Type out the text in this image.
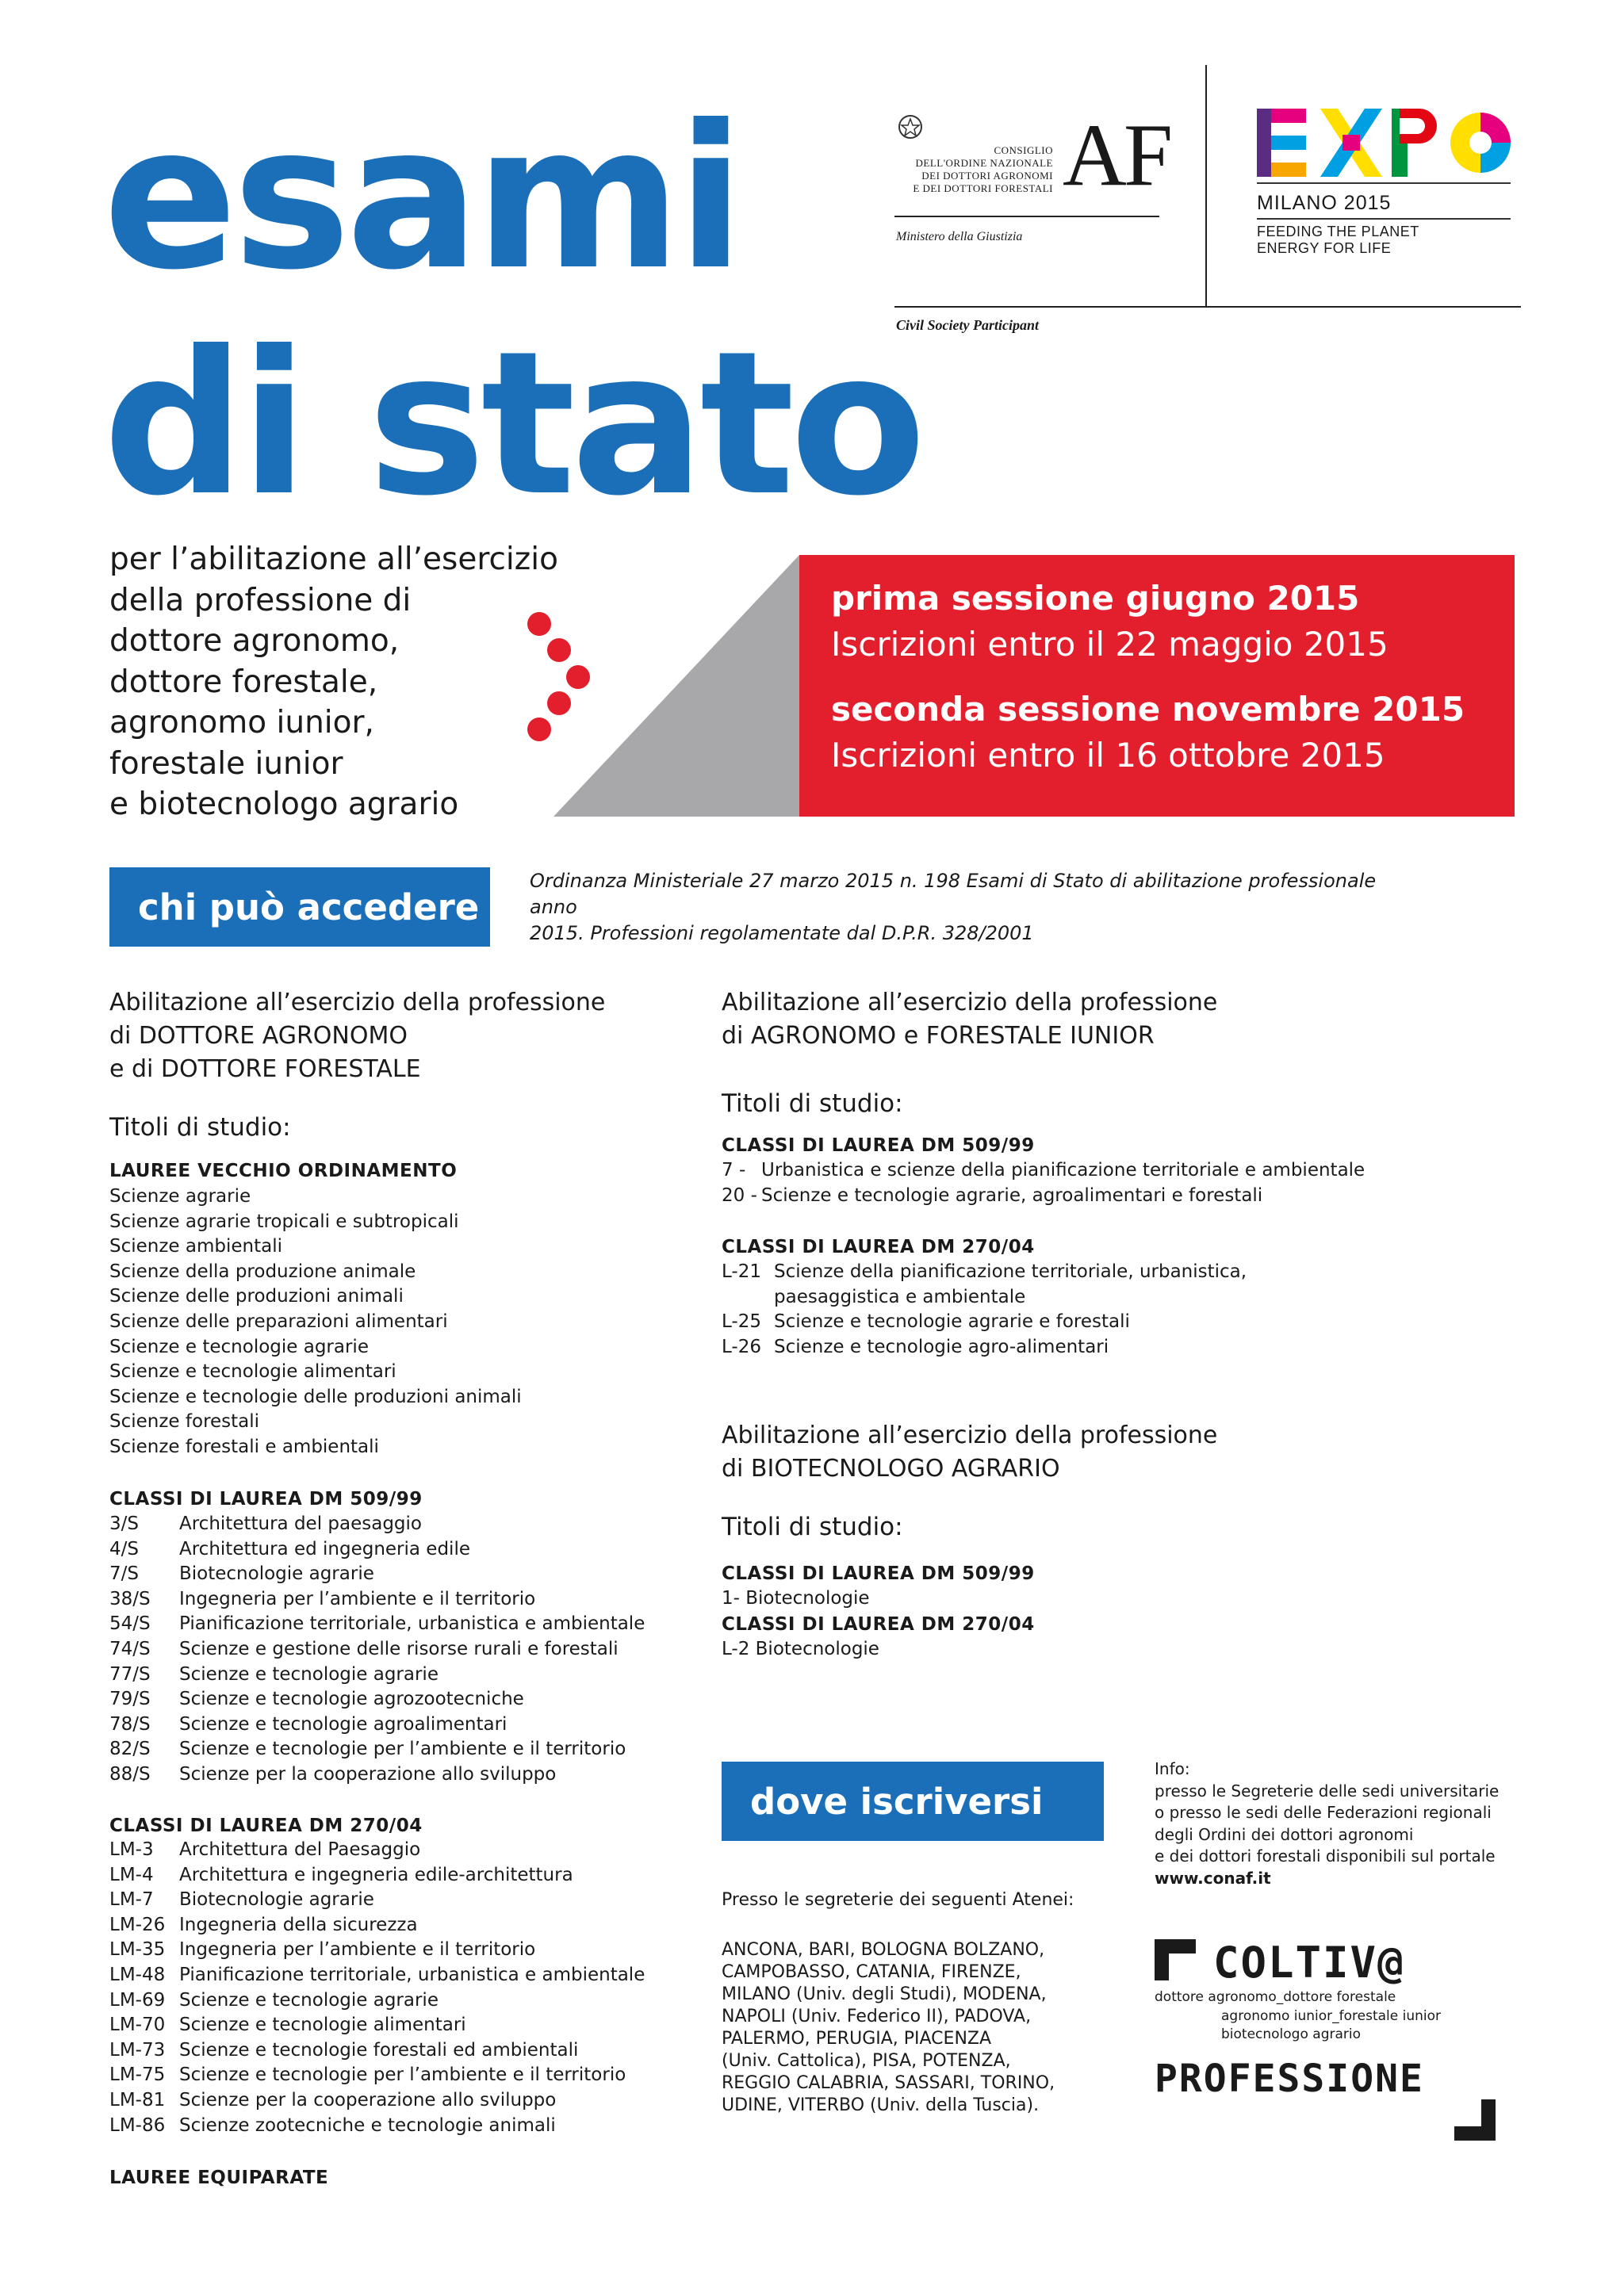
esami
di stato
CONSIGLIO
DELL'ORDINE NAZIONALE
DEI DOTTORI AGRONOMI
E DEI DOTTORI FORESTALI AF
Ministero della Giustizia
Civil Society Participant
MILANO 2015
FEEDING THE PLANET
ENERGY FOR LIFE
per l’abilitazione all’esercizio
della professione di
dottore agronomo,
dottore forestale,
agronomo iunior,
forestale iunior
e biotecnologo agrario
prima sessione giugno 2015
Iscrizioni entro il 22 maggio 2015
seconda sessione novembre 2015
Iscrizioni entro il 16 ottobre 2015
chi può accedere
Ordinanza Ministeriale 27 marzo 2015 n. 198 Esami di Stato di abilitazione professionale anno
2015. Professioni regolamentate dal D.P.R. 328/2001
Abilitazione all’esercizio della professione
di DOTTORE AGRONOMO
e di DOTTORE FORESTALE
Titoli di studio:
LAUREE VECCHIO ORDINAMENTO
Scienze agrarie
Scienze agrarie tropicali e subtropicali
Scienze ambientali
Scienze della produzione animale
Scienze delle produzioni animali
Scienze delle preparazioni alimentari
Scienze e tecnologie agrarie
Scienze e tecnologie alimentari
Scienze e tecnologie delle produzioni animali
Scienze forestali
Scienze forestali e ambientali
CLASSI DI LAUREA DM 509/99
3/S	Architettura del paesaggio
4/S	Architettura ed ingegneria edile
7/S	Biotecnologie agrarie
38/S	Ingegneria per l’ambiente e il territorio
54/S	Pianificazione territoriale, urbanistica e ambientale
74/S	Scienze e gestione delle risorse rurali e forestali
77/S	Scienze e tecnologie agrarie
79/S	Scienze e tecnologie agrozootecniche
78/S	Scienze e tecnologie agroalimentari
82/S	Scienze e tecnologie per l’ambiente e il territorio
88/S	Scienze per la cooperazione allo sviluppo
CLASSI DI LAUREA DM 270/04
LM-3	Architettura del Paesaggio
LM-4	Architettura e ingegneria edile-architettura
LM-7	Biotecnologie agrarie
LM-26 Ingegneria della sicurezza
LM-35 Ingegneria per l’ambiente e il territorio
LM-48 Pianificazione territoriale, urbanistica e ambientale
LM-69 Scienze e tecnologie agrarie
LM-70 Scienze e tecnologie alimentari
LM-73 Scienze e tecnologie forestali ed ambientali
LM-75 Scienze e tecnologie per l’ambiente e il territorio
LM-81 Scienze per la cooperazione allo sviluppo
LM-86 Scienze zootecniche e tecnologie animali
LAUREE EQUIPARATE
Abilitazione all’esercizio della professione
di AGRONOMO e FORESTALE IUNIOR
Titoli di studio:
CLASSI DI LAUREA DM 509/99
7 - Urbanistica e scienze della pianificazione territoriale e ambientale
20 - Scienze e tecnologie agrarie, agroalimentari e forestali
CLASSI DI LAUREA DM 270/04
L-21 Scienze della pianificazione territoriale, urbanistica,
paesaggistica e ambientale
L-25 Scienze e tecnologie agrarie e forestali
L-26 Scienze e tecnologie agro-alimentari
Abilitazione all’esercizio della professione
di BIOTECNOLOGO AGRARIO
Titoli di studio:
CLASSI DI LAUREA DM 509/99
1- Biotecnologie
CLASSI DI LAUREA DM 270/04
L-2 Biotecnologie
dove iscriversi
Info:
presso le Segreterie delle sedi universitarie
o presso le sedi delle Federazioni regionali
degli Ordini dei dottori agronomi
e dei dottori forestali disponibili sul portale
www.conaf.it
Presso le segreterie dei seguenti Atenei:
ANCONA, BARI, BOLOGNA BOLZANO,
CAMPOBASSO, CATANIA, FIRENZE,
MILANO (Univ. degli Studi), MODENA,
NAPOLI (Univ. Federico II), PADOVA,
PALERMO, PERUGIA, PIACENZA
(Univ. Cattolica), PISA, POTENZA,
REGGIO CALABRIA, SASSARI, TORINO,
UDINE, VITERBO (Univ. della Tuscia).
COLTIV@
dottore agronomo_dottore forestale
agronomo iunior_forestale iunior
biotecnologo agrario
PROFESSIONE
